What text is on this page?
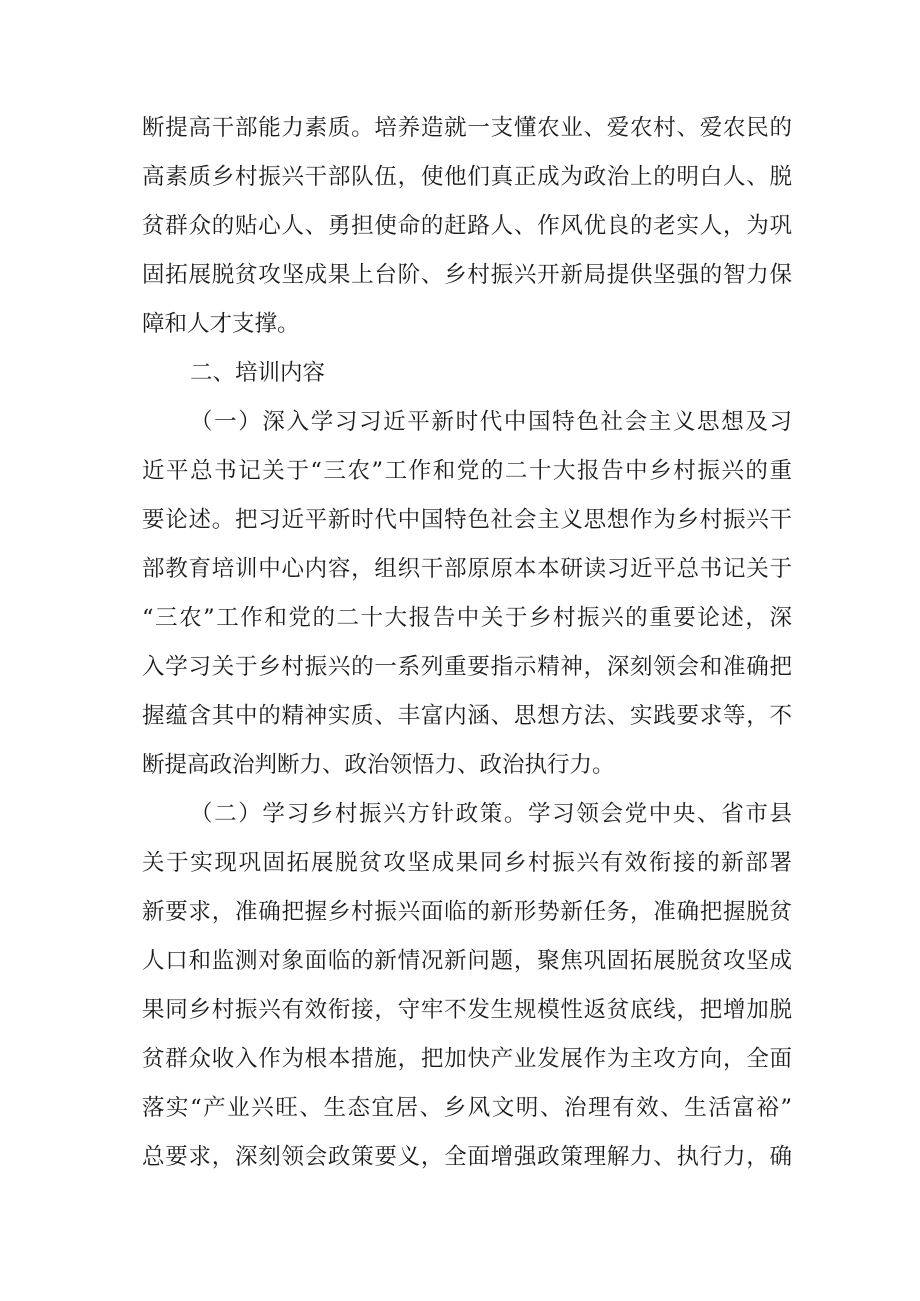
断提高干部能力素质。培养造就一支懂农业、爱农村、爱农民的
高素质乡村振兴干部队伍，使他们真正成为政治上的明白人、脱
贫群众的贴心人、勇担使命的赶路人、作风优良的老实人，为巩
固拓展脱贫攻坚成果上台阶、乡村振兴开新局提供坚强的智力保
障和人才支撑。
二、培训内容
（一）深入学习习近平新时代中国特色社会主义思想及习
近平总书记关于“三农”工作和党的二十大报告中乡村振兴的重
要论述。把习近平新时代中国特色社会主义思想作为乡村振兴干
部教育培训中心内容，组织干部原原本本研读习近平总书记关于
“三农”工作和党的二十大报告中关于乡村振兴的重要论述，深
入学习关于乡村振兴的一系列重要指示精神，深刻领会和准确把
握蕴含其中的精神实质、丰富内涵、思想方法、实践要求等，不
断提高政治判断力、政治领悟力、政治执行力。
（二）学习乡村振兴方针政策。学习领会党中央、省市县
关于实现巩固拓展脱贫攻坚成果同乡村振兴有效衔接的新部署
新要求，准确把握乡村振兴面临的新形势新任务，准确把握脱贫
人口和监测对象面临的新情况新问题，聚焦巩固拓展脱贫攻坚成
果同乡村振兴有效衔接，守牢不发生规模性返贫底线，把增加脱
贫群众收入作为根本措施，把加快产业发展作为主攻方向，全面
落实“产业兴旺、生态宜居、乡风文明、治理有效、生活富裕”
总要求，深刻领会政策要义，全面增强政策理解力、执行力，确
